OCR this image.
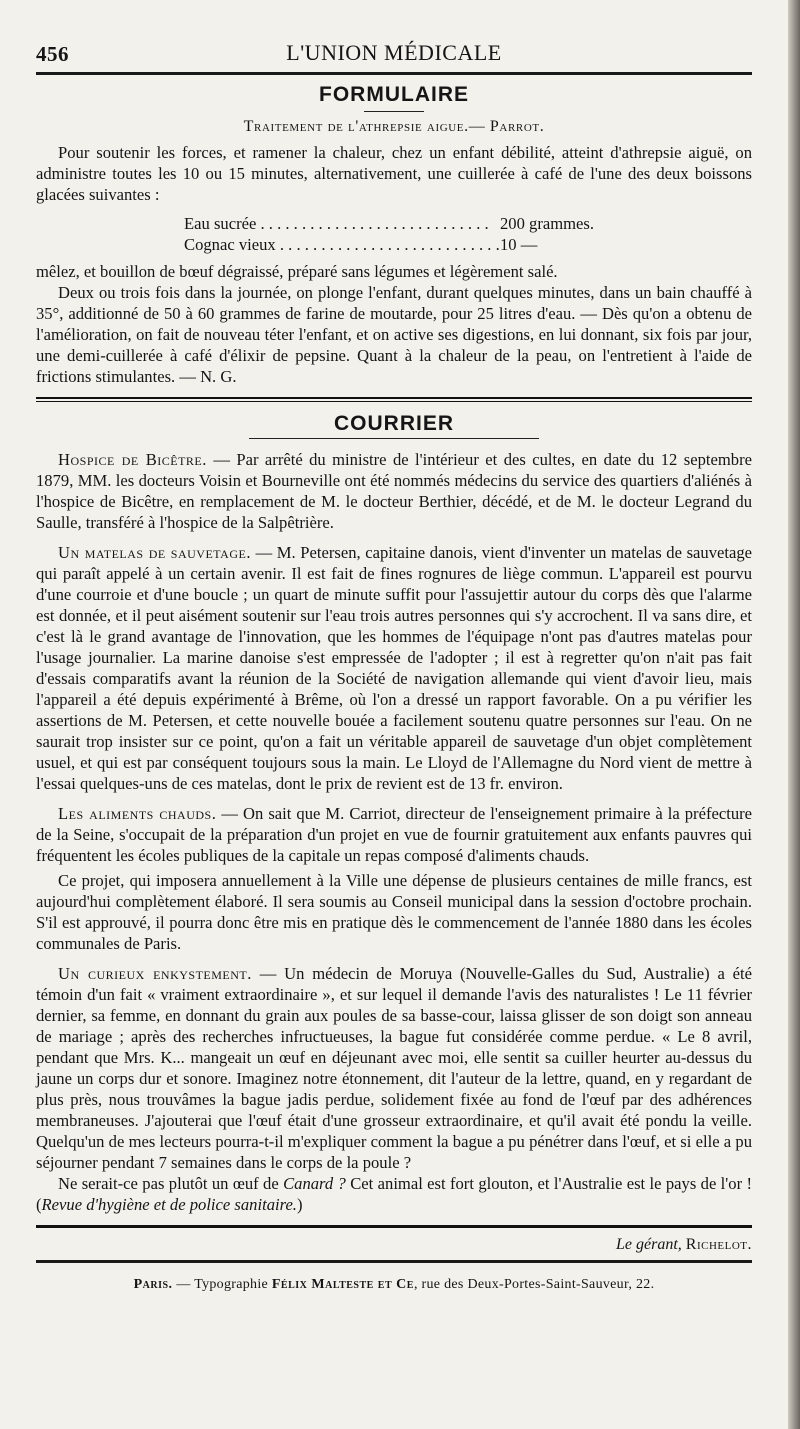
456	L'UNION MÉDICALE
FORMULAIRE
Traitement de l'athrepsie aigue.— Parrot.

Pour soutenir les forces, et ramener la chaleur, chez un enfant débilité, atteint d'athrepsie aiguë, on administre toutes les 10 ou 15 minutes, alternativement, une cuillerée à café de l'une des deux boissons glacées suivantes :

Eau sucrée . . .	200 grammes.
Cognac vieux . . .	10 —

mêlez, et bouillon de bœuf dégraissé, préparé sans légumes et légèrement salé.

Deux ou trois fois dans la journée, on plonge l'enfant, durant quelques minutes, dans un bain chauffé à 35°, additionné de 50 à 60 grammes de farine de moutarde, pour 25 litres d'eau. — Dès qu'on a obtenu de l'amélioration, on fait de nouveau téter l'enfant, et on active ses digestions, en lui donnant, six fois par jour, une demi-cuillerée à café d'élixir de pepsine. Quant à la chaleur de la peau, on l'entretient à l'aide de frictions stimulantes. — N. G.

COURRIER

Hospice de Bicêtre. — Par arrêté du ministre de l'intérieur et des cultes, en date du 12 septembre 1879, MM. les docteurs Voisin et Bourneville ont été nommés médecins du service des quartiers d'aliénés à l'hospice de Bicêtre, en remplacement de M. le docteur Berthier, décédé, et de M. le docteur Legrand du Saulle, transféré à l'hospice de la Salpêtrière.

Un matelas de sauvetage. — M. Petersen, capitaine danois, vient d'inventer un matelas de sauvetage qui paraît appelé à un certain avenir. Il est fait de fines rognures de liège commun. L'appareil est pourvu d'une courroie et d'une boucle ; un quart de minute suffit pour l'assujettir autour du corps dès que l'alarme est donnée, et il peut aisément soutenir sur l'eau trois autres personnes qui s'y accrochent. Il va sans dire, et c'est là le grand avantage de l'innovation, que les hommes de l'équipage n'ont pas d'autres matelas pour l'usage journalier. La marine danoise s'est empressée de l'adopter ; il est à regretter qu'on n'ait pas fait d'essais comparatifs avant la réunion de la Société de navigation allemande qui vient d'avoir lieu, mais l'appareil a été depuis expérimenté à Brême, où l'on a dressé un rapport favorable. On a pu vérifier les assertions de M. Petersen, et cette nouvelle bouée a facilement soutenu quatre personnes sur l'eau. On ne saurait trop insister sur ce point, qu'on a fait un véritable appareil de sauvetage d'un objet complètement usuel, et qui est par conséquent toujours sous la main. Le Lloyd de l'Allemagne du Nord vient de mettre à l'essai quelques-uns de ces matelas, dont le prix de revient est de 13 fr. environ.

Les aliments chauds. — On sait que M. Carriot, directeur de l'enseignement primaire à la préfecture de la Seine, s'occupait de la préparation d'un projet en vue de fournir gratuitement aux enfants pauvres qui fréquentent les écoles publiques de la capitale un repas composé d'aliments chauds.

Ce projet, qui imposera annuellement à la Ville une dépense de plusieurs centaines de mille francs, est aujourd'hui complètement élaboré. Il sera soumis au Conseil municipal dans la session d'octobre prochain. S'il est approuvé, il pourra donc être mis en pratique dès le commencement de l'année 1880 dans les écoles communales de Paris.

Un curieux enkystement. — Un médecin de Moruya (Nouvelle-Galles du Sud, Australie) a été témoin d'un fait « vraiment extraordinaire », et sur lequel il demande l'avis des naturalistes ! Le 11 février dernier, sa femme, en donnant du grain aux poules de sa basse-cour, laissa glisser de son doigt son anneau de mariage ; après des recherches infructueuses, la bague fut considérée comme perdue. « Le 8 avril, pendant que Mrs. K... mangeait un œuf en déjeunant avec moi, elle sentit sa cuiller heurter au-dessus du jaune un corps dur et sonore. Imaginez notre étonnement, dit l'auteur de la lettre, quand, en y regardant de plus près, nous trouvâmes la bague jadis perdue, solidement fixée au fond de l'œuf par des adhérences membraneuses. J'ajouterai que l'œuf était d'une grosseur extraordinaire, et qu'il avait été pondu la veille. Quelqu'un de mes lecteurs pourra-t-il m'expliquer comment la bague a pu pénétrer dans l'œuf, et si elle a pu séjourner pendant 7 semaines dans le corps de la poule ?

Ne serait-ce pas plutôt un œuf de Canard ? Cet animal est fort glouton, et l'Australie est le pays de l'or ! (Revue d'hygiène et de police sanitaire.)

Le gérant, Richelot.
Paris. — Typographie Félix Malteste et Ce, rue des Deux-Portes-Saint-Sauveur, 22.
